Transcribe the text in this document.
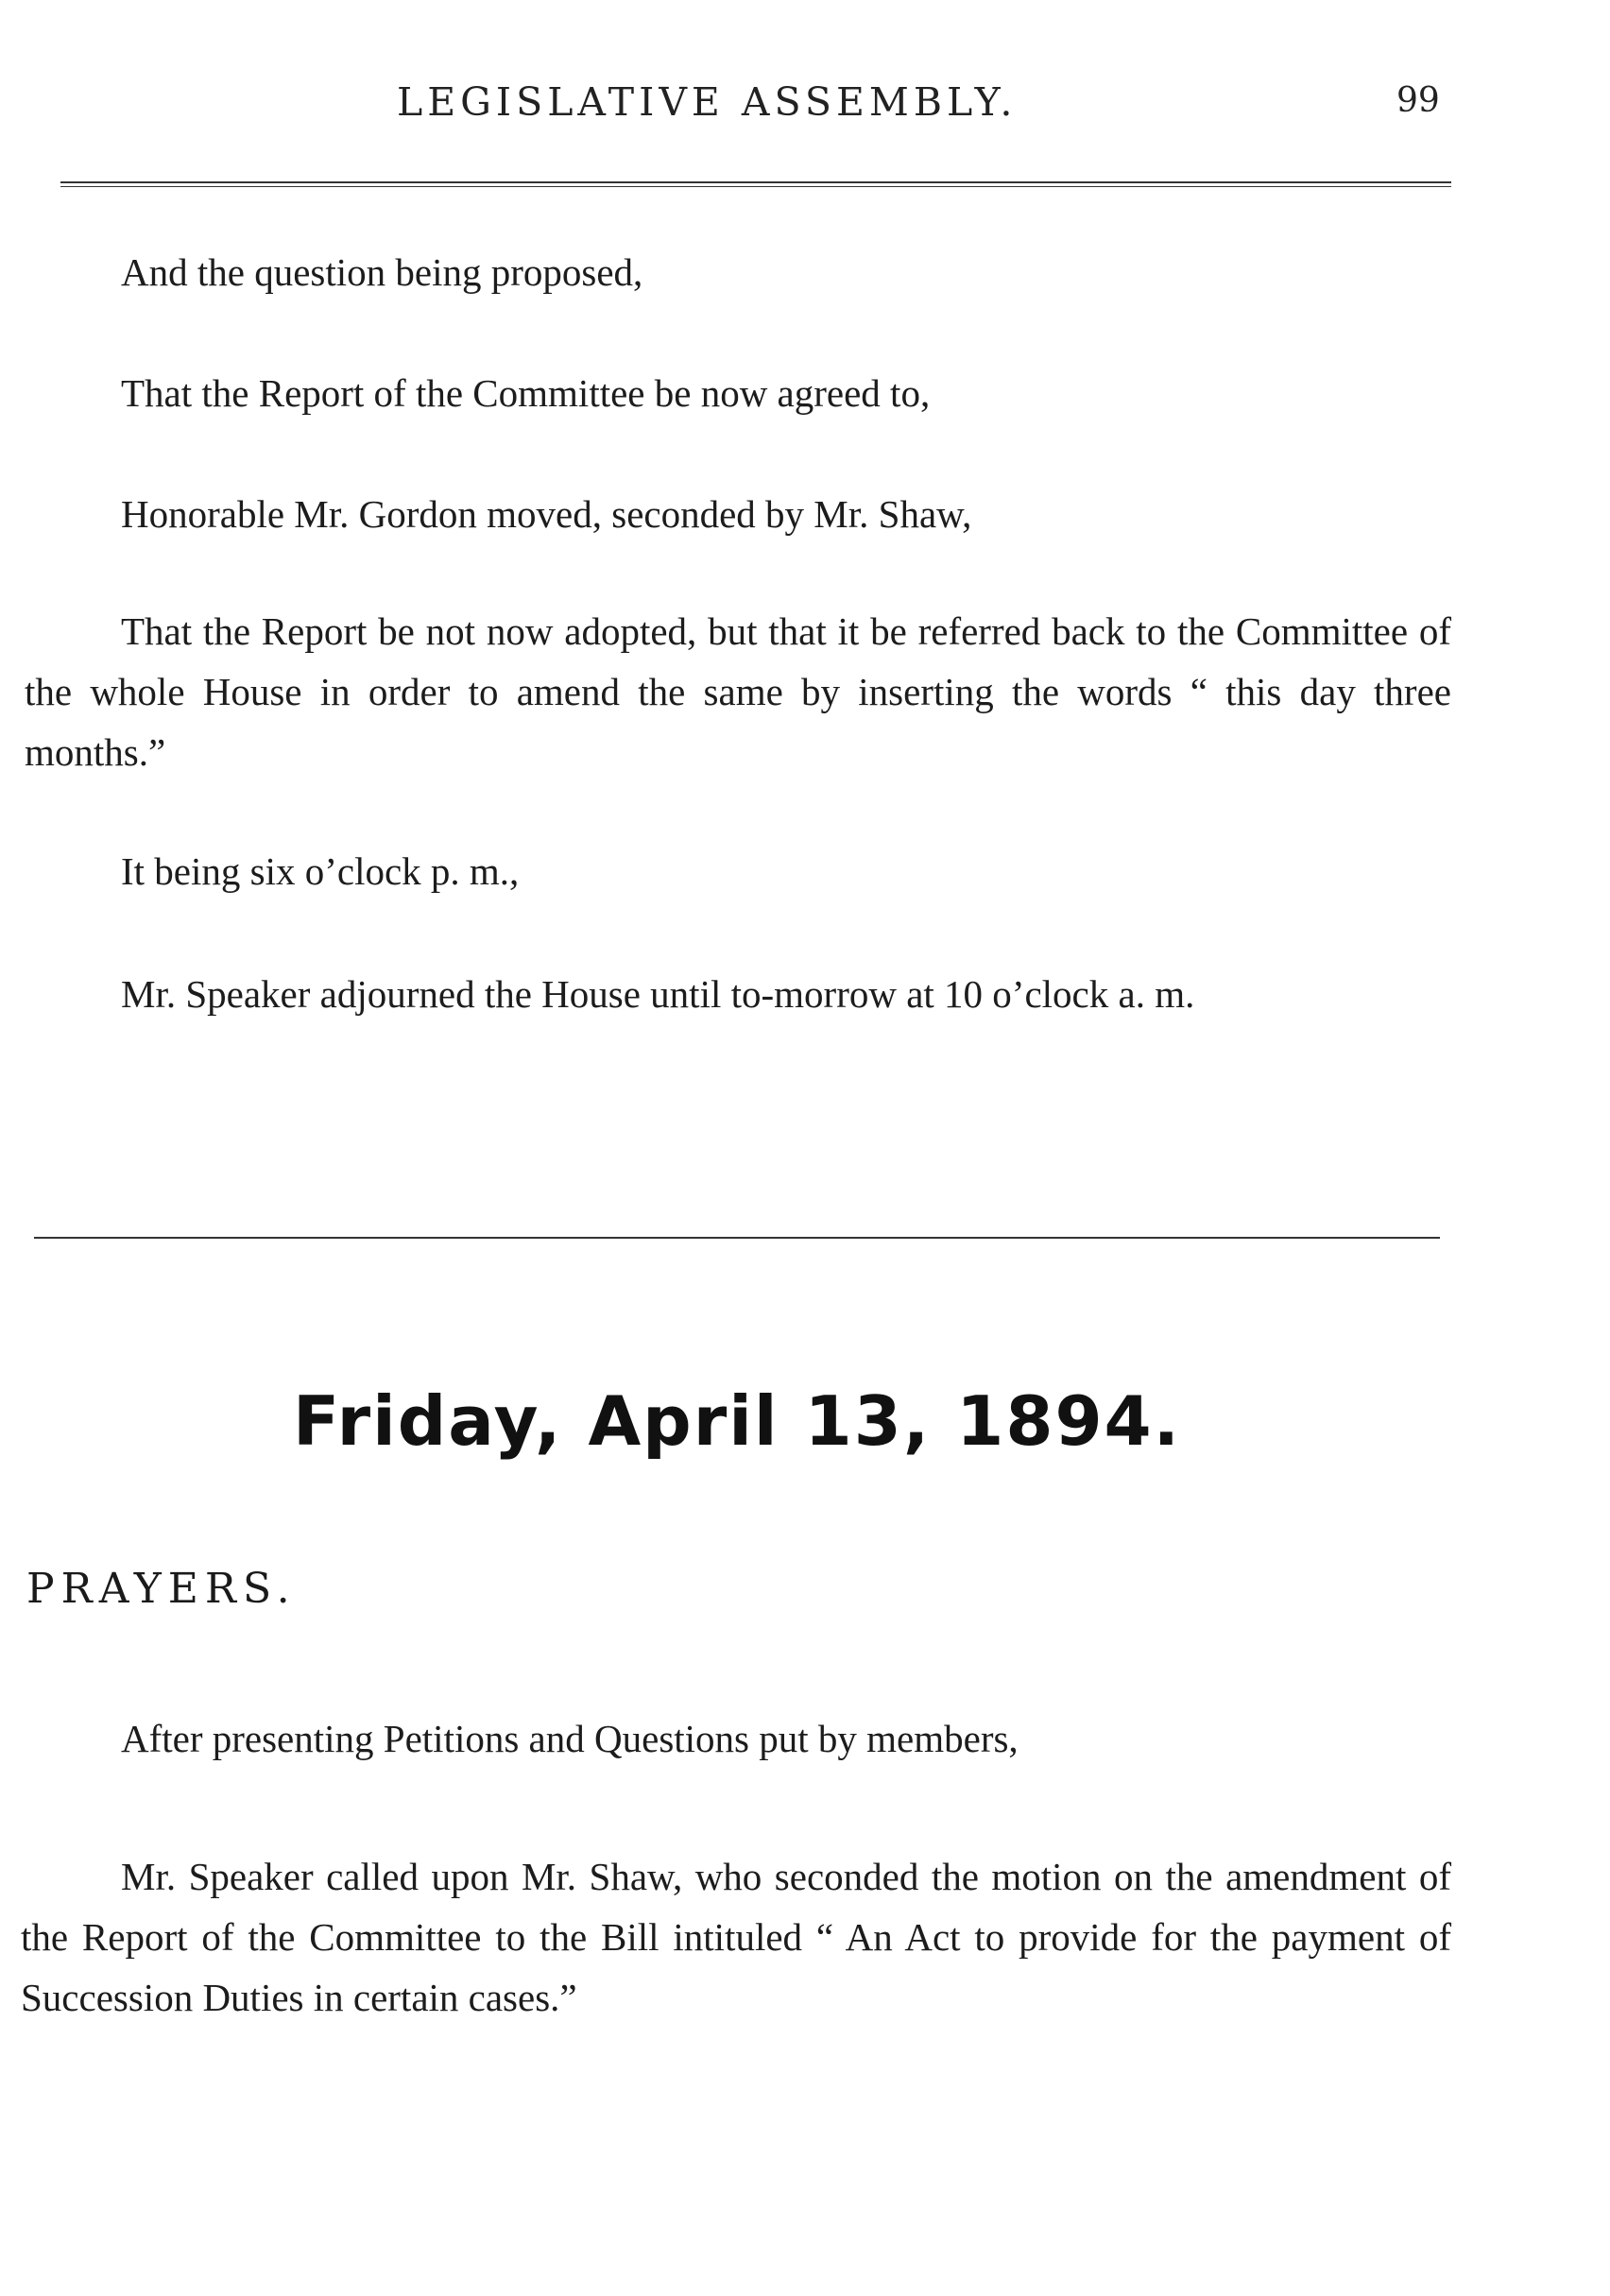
LEGISLATIVE ASSEMBLY.	99
And the question being proposed,
That the Report of the Committee be now agreed to,
Honorable Mr. Gordon moved, seconded by Mr. Shaw,
That the Report be not now adopted, but that it be referred back to the Committee of the whole House in order to amend the same by inserting the words “ this day three months.”
It being six o’clock p. m.,
Mr. Speaker adjourned the House until to-morrow at 10 o’clock a. m.
Friday, April 13, 1894.
PRAYERS.
After presenting Petitions and Questions put by members,
Mr. Speaker called upon Mr. Shaw, who seconded the motion on the amendment of the Report of the Committee to the Bill intituled “ An Act to provide for the payment of Succession Duties in certain cases.”
